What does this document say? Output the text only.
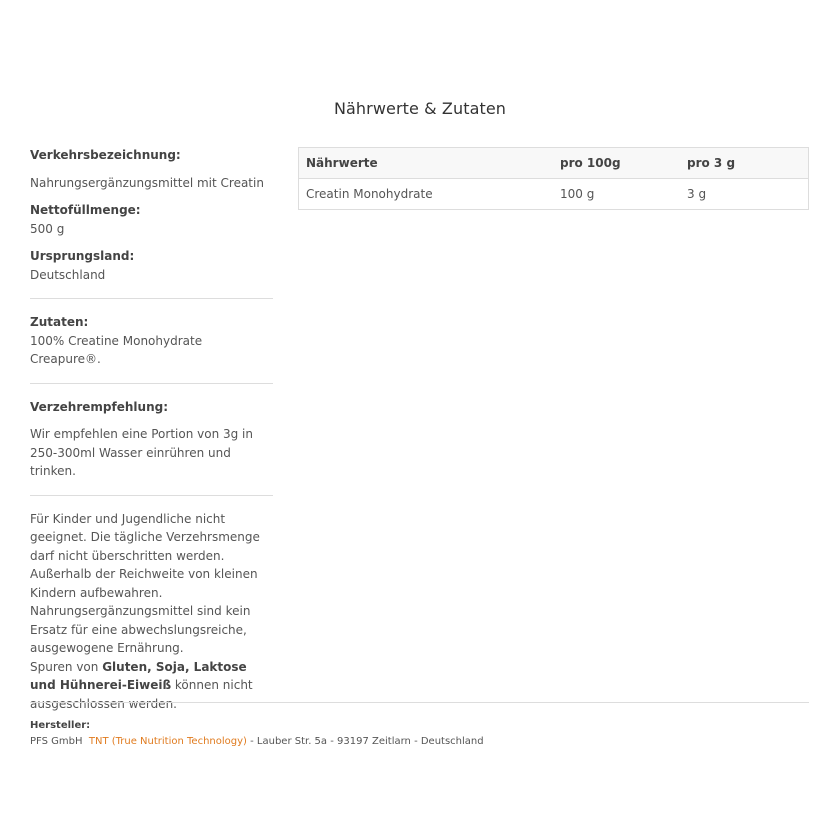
Nährwerte & Zutaten
Verkehrsbezeichnung:
Nahrungsergänzungsmittel mit Creatin
Nettofüllmenge:
500 g
Ursprungsland:
Deutschland
Zutaten:
100% Creatine Monohydrate Creapure®.
Verzehrempfehlung:
Wir empfehlen eine Portion von 3g in 250-300ml Wasser einrühren und trinken.
Für Kinder und Jugendliche nicht geeignet. Die tägliche Verzehrsmenge darf nicht überschritten werden. Außerhalb der Reichweite von kleinen Kindern aufbewahren. Nahrungsergänzungsmittel sind kein Ersatz für eine abwechslungsreiche, ausgewogene Ernährung.
Spuren von Gluten, Soja, Laktose und Hühnerei-Eiweiß können nicht ausgeschlossen werden.
Nährwerte	pro 100g	pro 3 g
Creatin Monohydrate	100 g	3 g
Hersteller:
PFS GmbH TNT (True Nutrition Technology) - Lauber Str. 5a - 93197 Zeitlarn - Deutschland
